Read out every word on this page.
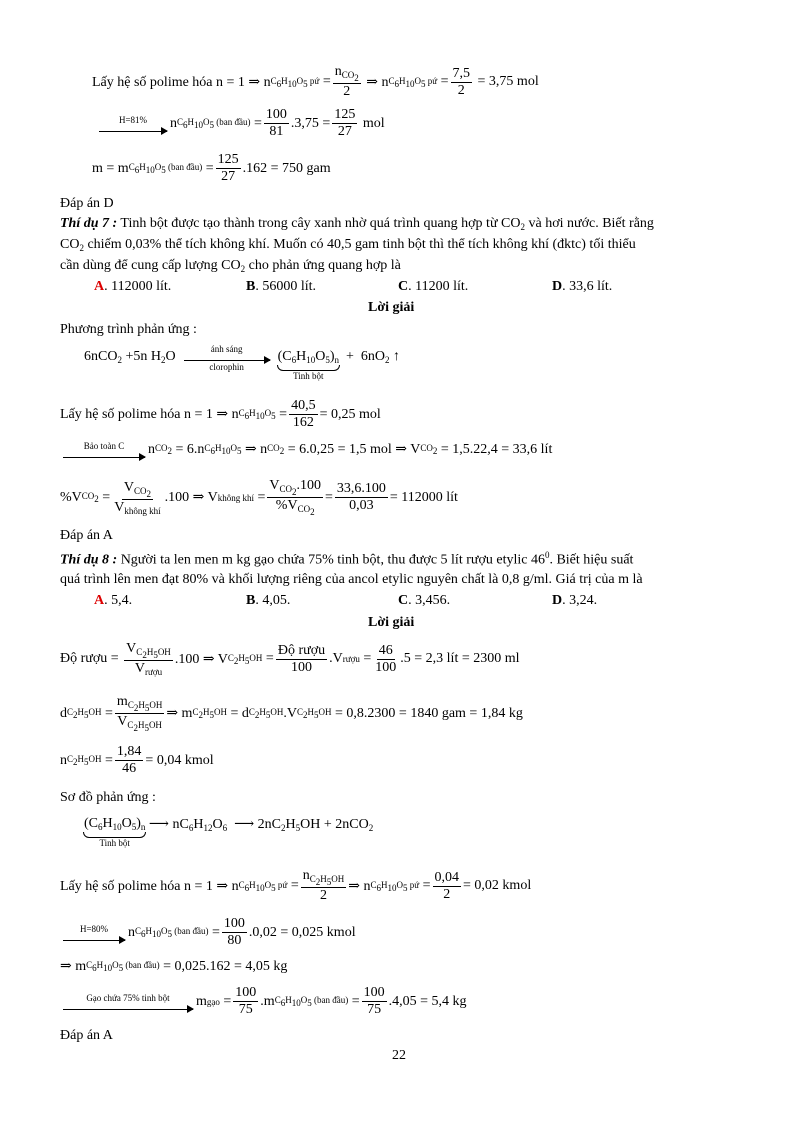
Lấy hệ số polime hóa n = 1 ⇒ n $C_6H_{10}O_5$ pứ = $\frac{n_{CO_2}}{2}$ ⇒ n $C_6H_{10}O_5$ pứ = $\frac{7,5}{2}$
= 3,75 mol
H=81% n $C_6H_{10}O_5$ (ban đầu) = $\frac{100}{81} .3,75 = \frac{125}{27}$
mol
m = m $C_6H_{10}O_5$ (ban đầu) = $\frac{125}{27} .162 = 750$ gam
Đáp án D
Thí dụ 7 : Tinh bột được tạo thành trong cây xanh nhờ quá trình quang hợp từ $CO_2$ và hơi nước. Biết rằng
$CO_2$ chiếm 0,03% thể tích không khí. Muốn có 40,5 gam tinh bột thì thể tích không khí (đktc) tối thiểu
cần dùng để cung cấp lượng $CO_2$ cho phản ứng quang hợp là
A. 112000 lít.	B. 56000 lít.	C. 11200 lít.	D. 33,6 lít.
Lời giải
Phương trình phản ứng :
6nCO$_2$ +5n $H_2O$	ánh sáng
clorophin
$(C_6H_{10}O_5)_n$
Tinh bột
+  $6nO_2$ ↑
Lấy hệ số polime hóa n = 1 ⇒ n $C_6H_{10}O_5 = \frac{40,5}{162} = 0,25$ mol
Bảo toàn C n $CO_2 = 6.n$ $C_6H_{10}O_5$ ⇒ n $CO_2$
= 6.0,25 = 1,5 mol ⇒ V $CO_2$
= 1,5.22,4 = 33,6 lít
%V $CO_2 = \frac{V_{CO_2}}{V_{không khí}} .100$ ⇒ V không khí = $\frac{V_{CO_2}.100}{\%V_{CO_2}} = \frac{33,6.100}{0,03} = 112000$ lít
Đáp án A
Thí dụ 8 : Người ta len men m kg gạo chứa 75% tinh bột, thu được 5 lít rượu etylic $46^0$. Biết hiệu suất
quá trình lên men đạt 80% và khối lượng riêng của ancol etylic nguyên chất là 0,8 g/ml. Giá trị của m là
A. 5,4.	B. 4,05.	C. 3,456.	D. 3,24.
Lời giải
Độ rượu =
$\frac{V_{C_2H_5OH}}{V_{rượu}} .100$ ⇒ V $C_2H_5OH = \frac{\text{Độ rượu}}{100} .V$ rượu = $\frac{46}{100} .5 = 2,3$ lít = 2300 ml
d $C_2H_5OH = \frac{m_{C_2H_5OH}}{V_{C_2H_5OH}}$ ⇒ m $C_2H_5OH = d$ $C_2H_5OH$ .V $C_2H_5OH$
= 0,8.2300 = 1840 gam = 1,84 kg
n $C_2H_5OH = \frac{1,84}{46} = 0,04$ kmol
Sơ đồ phản ứng :
$(C_6H_{10}O_5)_n$
Tinh bột
⟶ $nC_6H_{12}O_6$  ⟶ $2nC_2H_5OH + 2nCO_2$
Lấy hệ số polime hóa n = 1 ⇒ n $C_6H_{10}O_5$ pứ = $\frac{n_{C_2H_5OH}}{2}$ ⇒ n $C_6H_{10}O_5$ pứ = $\frac{0,04}{2} = 0,02$ kmol
H=80% n $C_6H_{10}O_5$ (ban đầu) = $\frac{100}{80} .0,02 = 0,025$ kmol
⇒ m $C_6H_{10}O_5$ (ban đầu)
= 0,025.162 = 4,05 kg
Gạo chứa 75% tinh bột m gạo = $\frac{100}{75} .m$ $C_6H_{10}O_5$ (ban đầu) = $\frac{100}{75} .4,05 = 5,4$ kg
Đáp án A
22
